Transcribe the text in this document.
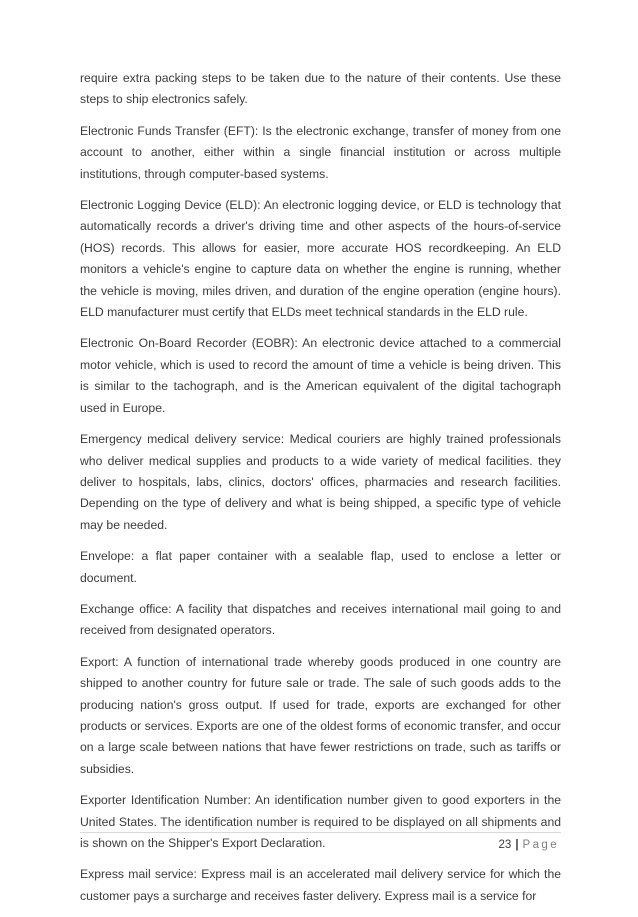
require extra packing steps to be taken due to the nature of their contents. Use these steps to ship electronics safely.

Electronic Funds Transfer (EFT): Is the electronic exchange, transfer of money from one account to another, either within a single financial institution or across multiple institutions, through computer-based systems.

Electronic Logging Device (ELD): An electronic logging device, or ELD is technology that automatically records a driver's driving time and other aspects of the hours-of-service (HOS) records. This allows for easier, more accurate HOS recordkeeping. An ELD monitors a vehicle's engine to capture data on whether the engine is running, whether the vehicle is moving, miles driven, and duration of the engine operation (engine hours). ELD manufacturer must certify that ELDs meet technical standards in the ELD rule.

Electronic On-Board Recorder (EOBR): An electronic device attached to a commercial motor vehicle, which is used to record the amount of time a vehicle is being driven. This is similar to the tachograph, and is the American equivalent of the digital tachograph used in Europe.

Emergency medical delivery service: Medical couriers are highly trained professionals who deliver medical supplies and products to a wide variety of medical facilities. they deliver to hospitals, labs, clinics, doctors' offices, pharmacies and research facilities. Depending on the type of delivery and what is being shipped, a specific type of vehicle may be needed.

Envelope: a flat paper container with a sealable flap, used to enclose a letter or document.

Exchange office: A facility that dispatches and receives international mail going to and received from designated operators.

Export: A function of international trade whereby goods produced in one country are shipped to another country for future sale or trade. The sale of such goods adds to the producing nation's gross output. If used for trade, exports are exchanged for other products or services. Exports are one of the oldest forms of economic transfer, and occur on a large scale between nations that have fewer restrictions on trade, such as tariffs or subsidies.

Exporter Identification Number: An identification number given to good exporters in the United States. The identification number is required to be displayed on all shipments and is shown on the Shipper's Export Declaration.

Express mail service: Express mail is an accelerated mail delivery service for which the customer pays a surcharge and receives faster delivery. Express mail is a service for

23 | Page
